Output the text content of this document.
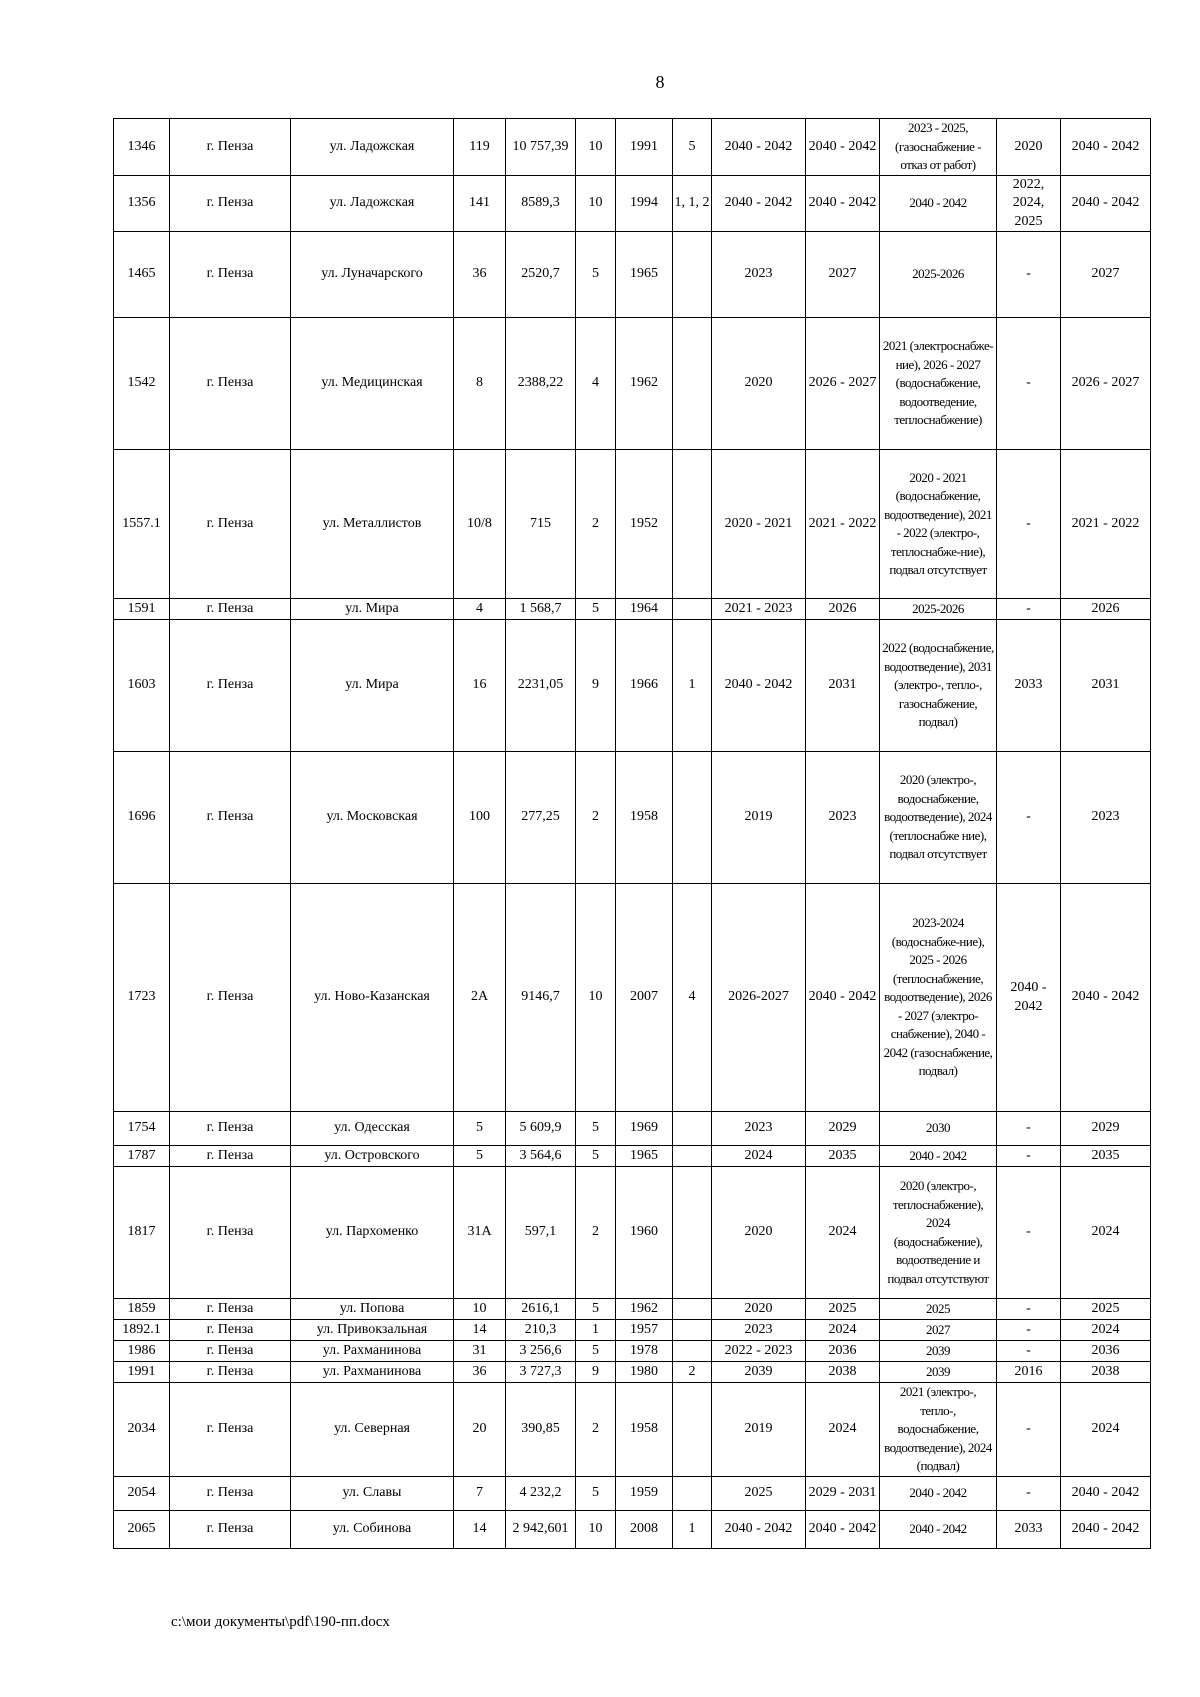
8
1346	г. Пенза	ул. Ладожская	119	10 757,39	10	1991	5	2040 - 2042	2040 - 2042	2023 - 2025, (газоснабжение - отказ от работ)	2020	2040 - 2042
1356	г. Пенза	ул. Ладожская	141	8589,3	10	1994	1, 1, 2	2040 - 2042	2040 - 2042	2040 - 2042	2022, 2024, 2025	2040 - 2042
1465	г. Пенза	ул. Луначарского	36	2520,7	5	1965		2023	2027	2025-2026	-	2027
1542	г. Пенза	ул. Медицинская	8	2388,22	4	1962		2020	2026 - 2027	2021 (электроснабже-ние), 2026 - 2027 (водоснабжение, водоотведение, теплоснабжение)	-	2026 - 2027
1557.1	г. Пенза	ул. Металлистов	10/8	715	2	1952		2020 - 2021	2021 - 2022	2020 - 2021 (водоснабжение, водоотведение), 2021 - 2022 (электро-, теплоснабже-ние), подвал отсутствует	-	2021 - 2022
1591	г. Пенза	ул. Мира	4	1 568,7	5	1964		2021 - 2023	2026	2025-2026	-	2026
1603	г. Пенза	ул. Мира	16	2231,05	9	1966	1	2040 - 2042	2031	2022 (водоснабжение, водоотведение), 2031 (электро-, тепло-, газоснабжение, подвал)	2033	2031
1696	г. Пенза	ул. Московская	100	277,25	2	1958		2019	2023	2020 (электро-, водоснабжение, водоотведение), 2024 (теплоснабже ние), подвал отсутствует	-	2023
1723	г. Пенза	ул. Ново-Казанская	2А	9146,7	10	2007	4	2026-2027	2040 - 2042	2023-2024 (водоснабже-ние), 2025 - 2026 (теплоснабжение, водоотведение), 2026 - 2027 (электро-снабжение), 2040 - 2042 (газоснабжение, подвал)	2040 - 2042	2040 - 2042
1754	г. Пенза	ул. Одесская	5	5 609,9	5	1969		2023	2029	2030	-	2029
1787	г. Пенза	ул. Островского	5	3 564,6	5	1965		2024	2035	2040 - 2042	-	2035
1817	г. Пенза	ул. Пархоменко	31А	597,1	2	1960		2020	2024	2020 (электро-, теплоснабжение), 2024 (водоснабжение), водоотведение и подвал отсутствуют	-	2024
1859	г. Пенза	ул. Попова	10	2616,1	5	1962		2020	2025	2025	-	2025
1892.1	г. Пенза	ул. Привокзальная	14	210,3	1	1957		2023	2024	2027	-	2024
1986	г. Пенза	ул. Рахманинова	31	3 256,6	5	1978		2022 - 2023	2036	2039	-	2036
1991	г. Пенза	ул. Рахманинова	36	3 727,3	9	1980	2	2039	2038	2039	2016	2038
2034	г. Пенза	ул. Северная	20	390,85	2	1958		2019	2024	2021 (электро-, тепло-, водоснабжение, водоотведение), 2024 (подвал)	-	2024
2054	г. Пенза	ул. Славы	7	4 232,2	5	1959		2025	2029 - 2031	2040 - 2042	-	2040 - 2042
2065	г. Пенза	ул. Собинова	14	2 942,601	10	2008	1	2040 - 2042	2040 - 2042	2040 - 2042	2033	2040 - 2042
c:\мои документы\pdf\190-пп.docx
